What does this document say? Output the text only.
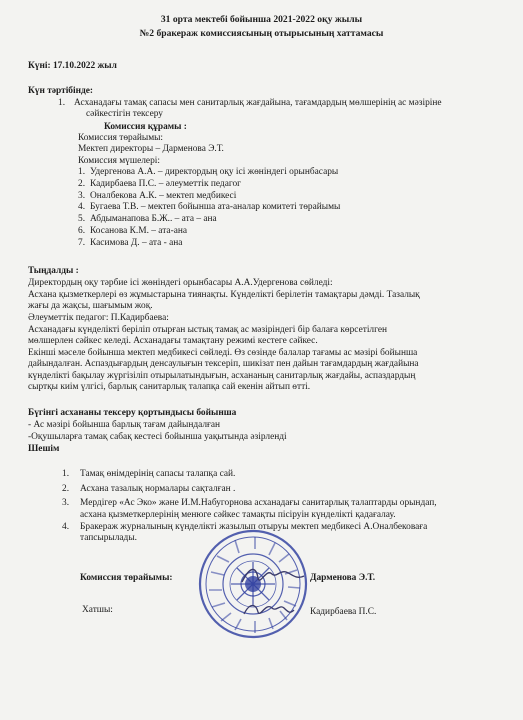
31 орта мектебі бойынша 2021-2022 оқу жылы
№2 бракераж комиссиясының отырысының хаттамасы
Күні: 17.10.2022 жыл
Күн тәртібінде:
1. Асханадағы тамақ сапасы мен санитарлық жағдайына, тағамдардың мөлшерінің ас мәзіріне
сәйкестігін тексеру
Комиссия құрамы :
Комиссия төрайымы:
Мектеп директоры – Дарменова Э.Т.
Комиссия мүшелері:
1. Удергенова А.А. – директордың оқу ісі жөніндегі орынбасары
2. Кадирбаева П.С. – әлеуметтік педагог
3. Оналбекова А.К. – мектеп медбикесі
4. Бугаева Т.В. – мектеп бойынша ата-аналар комитеті төрайымы
5. Абдыманапова Б.Ж.. – ата – ана
6. Косанова К.М. – ата-ана
7. Касимова Д. – ата - ана
Тыңдалды :
Директордың оқу тәрбие ісі жөніндегі орынбасары А.А.Удергенова сөйледі:
Асхана қызметкерлері өз жұмыстарына тиянақты. Күнделікті берілетін тамақтары дәмді. Тазалық
жағы да жақсы, шағымым жоқ.
Әлеуметтік педагог: П.Кадирбаева:
Асханадағы күнделікті беріліп отырған ыстық тамақ ас мәзіріндегі бір балаға көрсетілген
мөлшерлен сәйкес келеді. Асханадағы тамақтану режимі кестеге сәйкес.
Екінші мәселе бойынша мектеп медбикесі сөйледі. Өз сөзінде балалар тағамы ас мәзірі бойынша
дайындалған. Аспаздығардың денсаулығын тексеріп, шикізат пен дайын тағамдардың жағдайына
күнделікті бақылау жүргізіліп отырылатындығын, асхананың санитарлық жағдайы, аспаздардың
сыртқы киім үлгісі, барлық санитарлық талапқа сай екенін айтып өтті.
Бүгінгі асхананы тексеру қортындысы бойынша
- Ас мәзірі бойынша барлық тағам дайындалған
-Оқушыларға тамақ сабақ кестесі бойынша уақытында әзірленді
Шешім
1. Тамақ өнімдерінің сапасы талапқа сай.
2. Асхана тазалық нормалары сақталған .
3. Мердігер «Ас Эко» және И.М.Набугорнова асханадағы санитарлық талаптарды орындап,
асхана қызметкерлерінің менюге сәйкес тамақты пісіруін күнделікті қадағалау.
4. Бракераж журналының күнделікті жазылып отыруы мектеп медбикесі А.Оналбековаға
тапсырылады.
Комиссия төрайымы:	Дарменова Э.Т.
Хатшы:	Кадирбаева П.С.
